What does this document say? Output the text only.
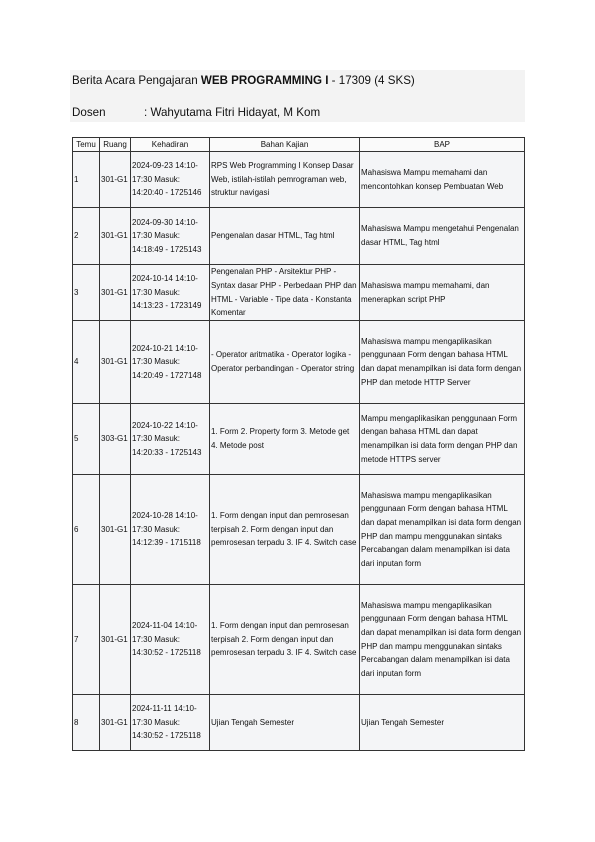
Berita Acara Pengajaran WEB PROGRAMMING I - 17309 (4 SKS)
Dosen	: Wahyutama Fitri Hidayat, M Kom
Temu	Ruang	Kehadiran	Bahan Kajian	BAP
1	301-G1	2024-09-23 14:10-17:30 Masuk: 14:20:40 - 1725146	RPS Web Programming I Konsep Dasar Web, istilah-istilah pemrograman web, struktur navigasi	Mahasiswa Mampu memahami dan mencontohkan konsep Pembuatan Web
2	301-G1	2024-09-30 14:10-17:30 Masuk: 14:18:49 - 1725143	Pengenalan dasar HTML, Tag html	Mahasiswa Mampu mengetahui Pengenalan dasar HTML, Tag html
3	301-G1	2024-10-14 14:10-17:30 Masuk: 14:13:23 - 1723149	Pengenalan PHP - Arsitektur PHP - Syntax dasar PHP - Perbedaan PHP dan HTML - Variable - Tipe data - Konstanta Komentar	Mahasiswa mampu memahami, dan menerapkan script PHP
4	301-G1	2024-10-21 14:10-17:30 Masuk: 14:20:49 - 1727148	- Operator aritmatika - Operator logika - Operator perbandingan - Operator string	Mahasiswa mampu mengaplikasikan penggunaan Form dengan bahasa HTML dan dapat menampilkan isi data form dengan PHP dan metode HTTP Server
5	303-G1	2024-10-22 14:10-17:30 Masuk: 14:20:33 - 1725143	1. Form 2. Property form 3. Metode get 4. Metode post	Mampu mengaplikasikan penggunaan Form dengan bahasa HTML dan dapat menampilkan isi data form dengan PHP dan metode HTTPS server
6	301-G1	2024-10-28 14:10-17:30 Masuk: 14:12:39 - 1715118	1. Form dengan input dan pemrosesan terpisah 2. Form dengan input dan pemrosesan terpadu 3. IF 4. Switch case	Mahasiswa mampu mengaplikasikan penggunaan Form dengan bahasa HTML dan dapat menampilkan isi data form dengan PHP dan mampu menggunakan sintaks Percabangan dalam menampilkan isi data dari inputan form
7	301-G1	2024-11-04 14:10-17:30 Masuk: 14:30:52 - 1725118	1. Form dengan input dan pemrosesan terpisah 2. Form dengan input dan pemrosesan terpadu 3. IF 4. Switch case	Mahasiswa mampu mengaplikasikan penggunaan Form dengan bahasa HTML dan dapat menampilkan isi data form dengan PHP dan mampu menggunakan sintaks Percabangan dalam menampilkan isi data dari inputan form
8	301-G1	2024-11-11 14:10-17:30 Masuk: 14:30:52 - 1725118	Ujian Tengah Semester	Ujian Tengah Semester
